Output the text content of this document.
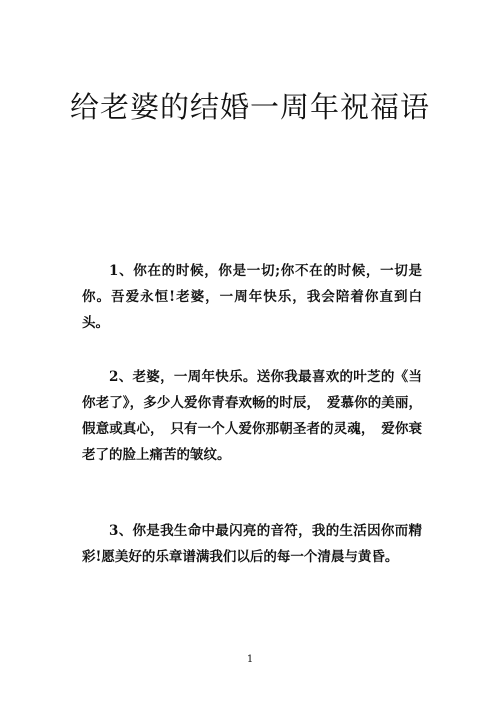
给老婆的结婚一周年祝福语

1、你在的时候，你是一切;你不在的时候，一切是你。吾爱永恒!老婆，一周年快乐，我会陪着你直到白头。

2、老婆，一周年快乐。送你我最喜欢的叶芝的《当你老了》，多少人爱你青春欢畅的时辰，　爱慕你的美丽，假意或真心，　只有一个人爱你那朝圣者的灵魂，　爱你衰老了的脸上痛苦的皱纹。

3、你是我生命中最闪亮的音符，我的生活因你而精彩!愿美好的乐章谱满我们以后的每一个清晨与黄昏。

1
